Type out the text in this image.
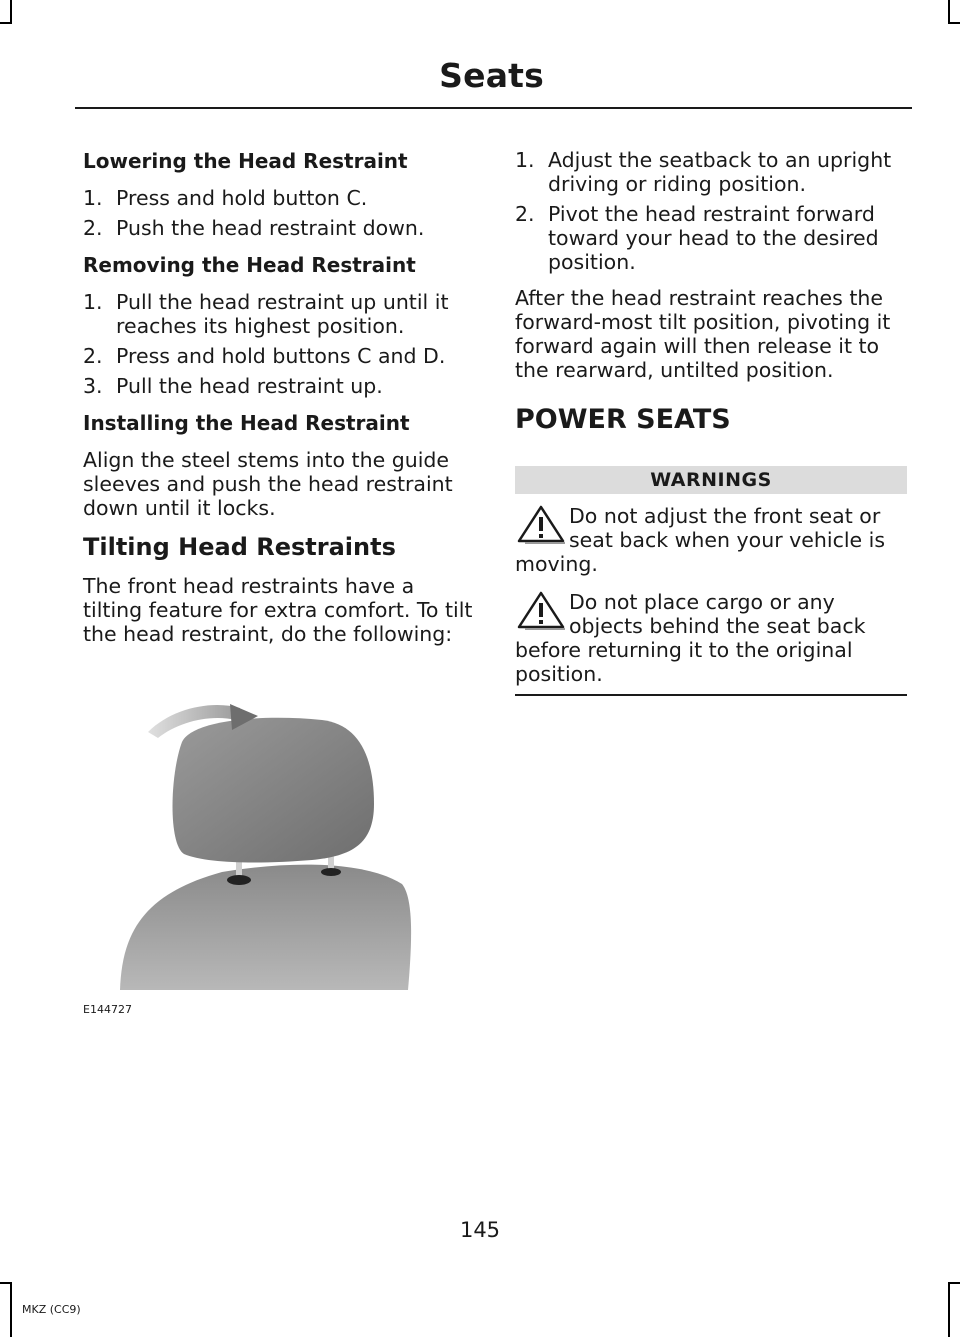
Seats
Lowering the Head Restraint
1. Press and hold button C.
2. Push the head restraint down.
Removing the Head Restraint
1. Pull the head restraint up until it reaches its highest position.
2. Press and hold buttons C and D.
3. Pull the head restraint up.
Installing the Head Restraint

Align the steel stems into the guide sleeves and push the head restraint down until it locks.

Tilting Head Restraints

The front head restraints have a tilting feature for extra comfort. To tilt the head restraint, do the following:

E144727
1. Adjust the seatback to an upright driving or riding position.
2. Pivot the head restraint forward toward your head to the desired position.

After the head restraint reaches the forward-most tilt position, pivoting it forward again will then release it to the rearward, untilted position.

POWER SEATS
WARNINGS
Do not adjust the front seat or seat back when your vehicle is moving.
Do not place cargo or any objects behind the seat back before returning it to the original position.
145
MKZ (CC9)
